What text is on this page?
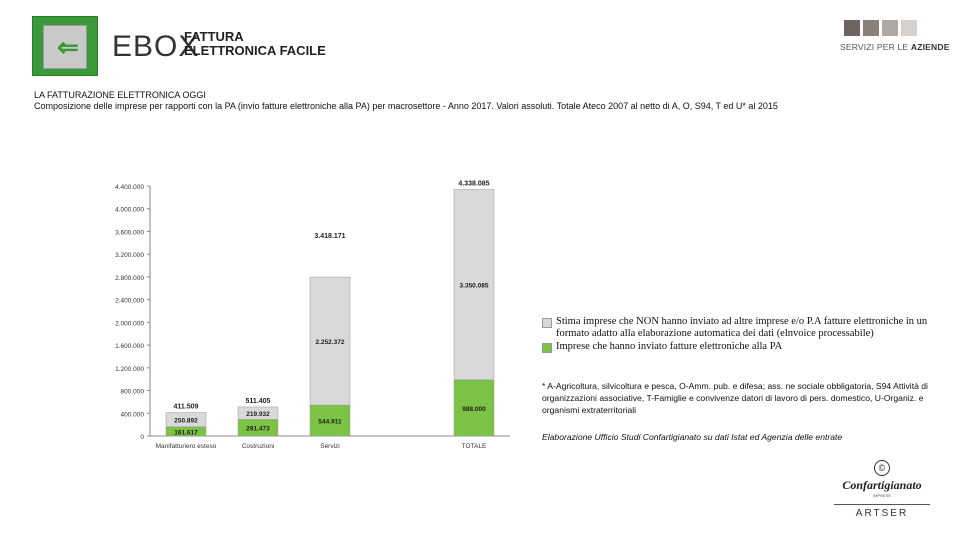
⇐ EBOX
FATTURA
ELETTRONICA FACILE	SERVIZI PER LE AZIENDE
LA FATTURAZIONE ELETTRONICA OGGI
Composizione delle imprese per rapporti con la PA (invio fatture elettroniche alla PA) per macrosettore - Anno 2017. Valori assoluti. Totale Ateco 2007 al netto di A, O, S94, T ed U* al 2015
0
400.000
800.000
1.200.000
1.600.000
2.000.000
2.400.000
2.800.000
3.200.000
3.600.000
4.000.000
4.400.000
Manifatturiero esteso
161.617
250.892
411.509
Costruzioni
291.473
219.932
511.405
Servizi
544.911
2.252.372
3.418.171
TOTALE
988.000
3.350.085
4.338.085
Stima imprese che NON hanno inviato ad altre imprese e/o P.A fatture elettroniche in un formato adatto alla elaborazione automatica dei dati (elnvoice processabile)
Imprese che hanno inviato fatture elettroniche alla PA
* A-Agricoltura, silvicoltura e pesca, O-Amm. pub. e difesa; ass. ne sociale obbligatoria, S94 Attività di organizzazioni associative, T-Famiglie e convivenze datori di lavoro di pers. domestico, U-Organiz. e organismi extraterritoriali
Elaborazione Ufficio Studi Confartigianato su dati Istat ed Agenzia delle entrate
©
Confartigianato
IMPRESE
ARTSER
